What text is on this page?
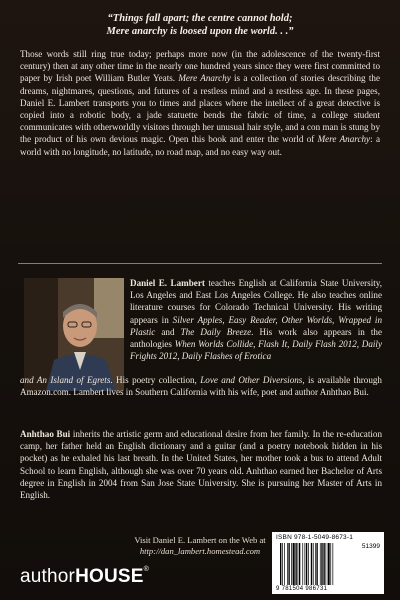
“Things fall apart; the centre cannot hold;
Mere anarchy is loosed upon the world. . .”
Those words still ring true today; perhaps more now (in the adolescence of the twenty-first century) then at any other time in the nearly one hundred years since they were first committed to paper by Irish poet William Butler Yeats. Mere Anarchy is a collection of stories describing the dreams, nightmares, questions, and futures of a restless mind and a restless age. In these pages, Daniel E. Lambert transports you to times and places where the intellect of a great detective is copied into a robotic body, a jade statuette bends the fabric of time, a college student communicates with otherworldly visitors through her unusual hair style, and a con man is stung by the product of his own devious magic. Open this book and enter the world of Mere Anarchy: a world with no longitude, no latitude, no road map, and no easy way out.
Daniel E. Lambert teaches English at California State University, Los Angeles and East Los Angeles College. He also teaches online literature courses for Colorado Technical University. His writing appears in Silver Apples, Easy Reader, Other Worlds, Wrapped in Plastic and The Daily Breeze. His work also appears in the anthologies When Worlds Collide, Flash It, Daily Flash 2012, Daily Frights 2012, Daily Flashes of Erotica
and An Island of Egrets. His poetry collection, Love and Other Diversions, is available through Amazon.com. Lambert lives in Southern California with his wife, poet and author Anhthao Bui.
Anhthao Bui inherits the artistic germ and educational desire from her family. In the re-education camp, her father held an English dictionary and a guitar (and a poetry notebook hidden in his pocket) as he exhaled his last breath. In the United States, her mother took a bus to attend Adult School to learn English, although she was over 70 years old. Anhthao earned her Bachelor of Arts degree in English in 2004 from San Jose State University. She is pursuing her Master of Arts in English.
Visit Daniel E. Lambert on the Web at
http://dan_lambert.homestead.com
authorHOUSE®
ISBN 978-1-5049-8673-1
51399
9 781504 986731
